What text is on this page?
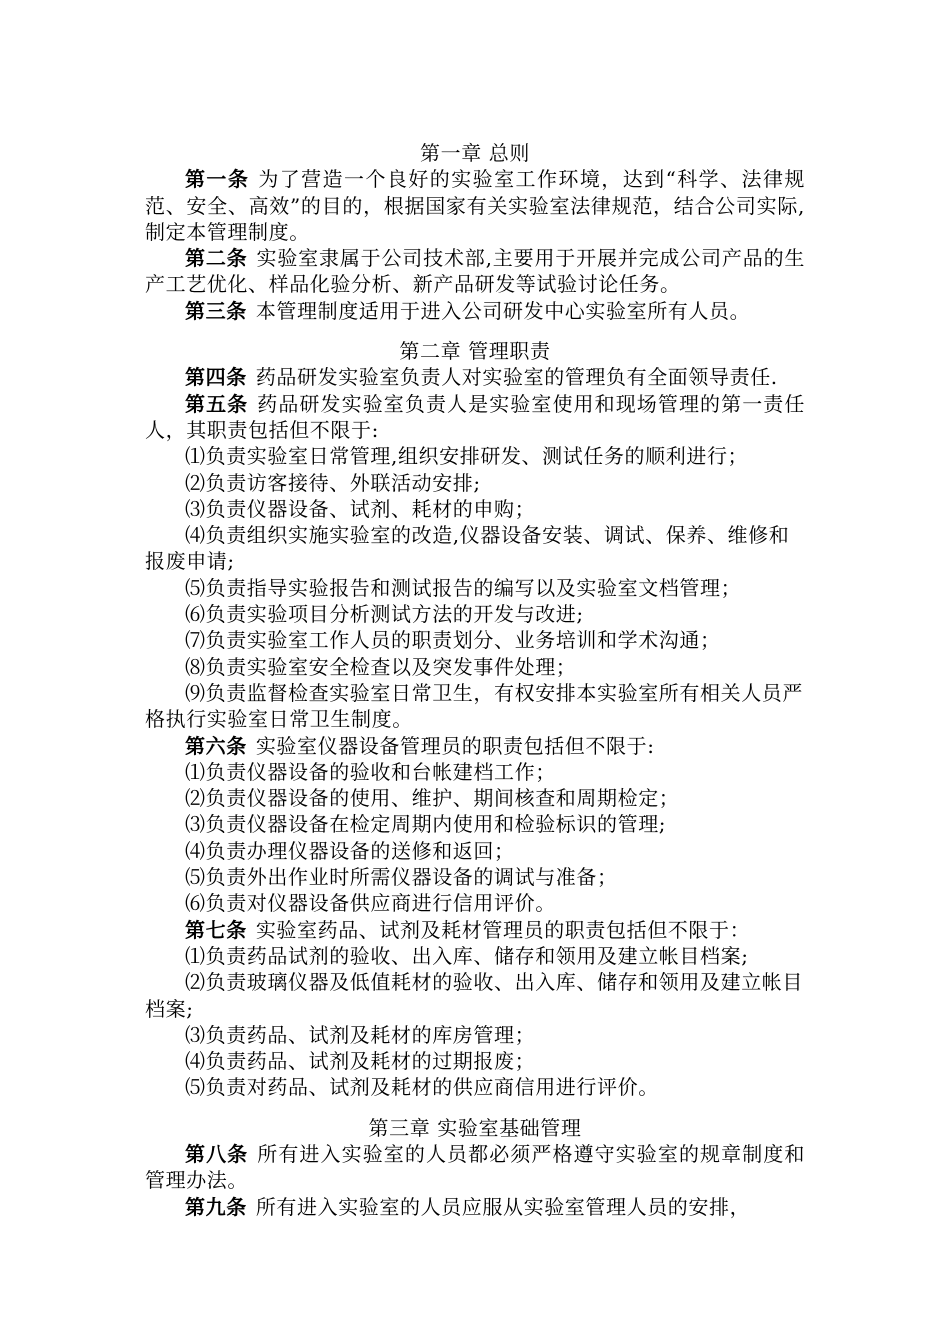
第一章 总则

第一条 为了营造一个良好的实验室工作环境，达到“科学、法律规范、安全、高效”的目的，根据国家有关实验室法律规范，结合公司实际,制定本管理制度。

第二条 实验室隶属于公司技术部,主要用于开展并完成公司产品的生产工艺优化、样品化验分析、新产品研发等试验讨论任务。

第三条 本管理制度适用于进入公司研发中心实验室所有人员。

第二章 管理职责

第四条 药品研发实验室负责人对实验室的管理负有全面领导责任.

第五条 药品研发实验室负责人是实验室使用和现场管理的第一责任人，其职责包括但不限于:

⑴负责实验室日常管理,组织安排研发、测试任务的顺利进行；

⑵负责访客接待、外联活动安排;

⑶负责仪器设备、试剂、耗材的申购；

⑷负责组织实施实验室的改造,仪器设备安装、调试、保养、维修和报废申请;

⑸负责指导实验报告和测试报告的编写以及实验室文档管理；

⑹负责实验项目分析测试方法的开发与改进;

⑺负责实验室工作人员的职责划分、业务培训和学术沟通；

⑻负责实验室安全检查以及突发事件处理；

⑼负责监督检查实验室日常卫生，有权安排本实验室所有相关人员严格执行实验室日常卫生制度。

第六条 实验室仪器设备管理员的职责包括但不限于:

⑴负责仪器设备的验收和台帐建档工作；

⑵负责仪器设备的使用、维护、期间核查和周期检定；

⑶负责仪器设备在检定周期内使用和检验标识的管理;

⑷负责办理仪器设备的送修和返回；

⑸负责外出作业时所需仪器设备的调试与准备；

⑹负责对仪器设备供应商进行信用评价。

第七条 实验室药品、试剂及耗材管理员的职责包括但不限于：

⑴负责药品试剂的验收、出入库、储存和领用及建立帐目档案;

⑵负责玻璃仪器及低值耗材的验收、出入库、储存和领用及建立帐目档案;

⑶负责药品、试剂及耗材的库房管理；

⑷负责药品、试剂及耗材的过期报废；

⑸负责对药品、试剂及耗材的供应商信用进行评价。

第三章 实验室基础管理

第八条 所有进入实验室的人员都必须严格遵守实验室的规章制度和管理办法。

第九条 所有进入实验室的人员应服从实验室管理人员的安排，
